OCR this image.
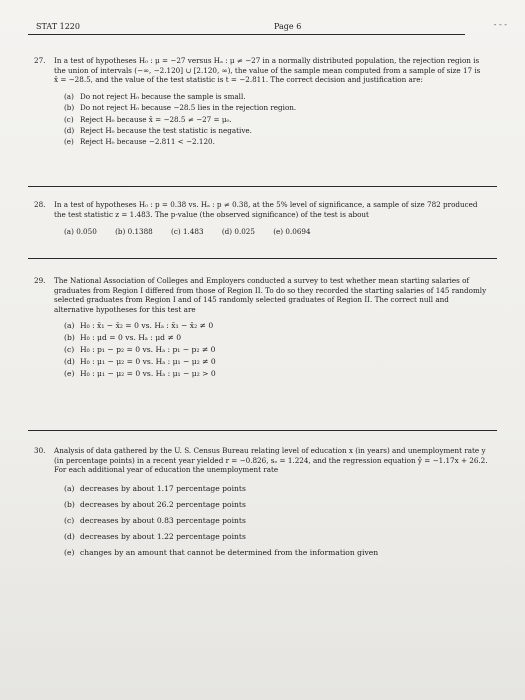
STAT 1220	Page 6	- - -
27. In a test of hypotheses H₀ : μ = −27 versus Hₐ : μ ≠ −27 in a normally distributed population, the rejection region is the union of intervals (−∞, −2.120] ∪ [2.120, ∞), the value of the sample mean computed from a sample of size 17 is x̄ = −28.5, and the value of the test statistic is t = −2.811. The correct decision and justification are:
(a) Do not reject H₀ because the sample is small.
(b) Do not reject H₀ because −28.5 lies in the rejection region.
(c) Reject H₀ because x̄ = −28.5 ≠ −27 = μ₀.
(d) Reject H₀ because the test statistic is negative.
(e) Reject H₀ because −2.811 < −2.120.
28. In a test of hypotheses H₀ : p = 0.38 vs. Hₐ : p ≠ 0.38, at the 5% level of significance, a sample of size 782 produced the test statistic z = 1.483. The p-value (the observed significance) of the test is about
(a) 0.050	(b) 0.1388	(c) 1.483	(d) 0.025	(e) 0.0694
29. The National Association of Colleges and Employers conducted a survey to test whether mean starting salaries of graduates from Region I differed from those of Region II. To do so they recorded the starting salaries of 145 randomly selected graduates from Region I and of 145 randomly selected graduates of Region II. The correct null and alternative hypotheses for this test are
(a) H₀ : x̄₁ − x̄₂ = 0 vs. Hₐ : x̄₁ − x̄₂ ≠ 0
(b) H₀ : μd = 0 vs. Hₐ : μd ≠ 0
(c) H₀ : p₁ − p₂ = 0 vs. Hₐ : p₁ − p₂ ≠ 0
(d) H₀ : μ₁ − μ₂ = 0 vs. Hₐ : μ₁ − μ₂ ≠ 0
(e) H₀ : μ₁ − μ₂ = 0 vs. Hₐ : μ₁ − μ₂ > 0
30. Analysis of data gathered by the U. S. Census Bureau relating level of education x (in years) and unemployment rate y (in percentage points) in a recent year yielded r = −0.826, sₑ = 1.224, and the regression equation ŷ = −1.17x + 26.2. For each additional year of education the unemployment rate
(a) decreases by about 1.17 percentage points
(b) decreases by about 26.2 percentage points
(c) decreases by about 0.83 percentage points
(d) decreases by about 1.22 percentage points
(e) changes by an amount that cannot be determined from the information given
